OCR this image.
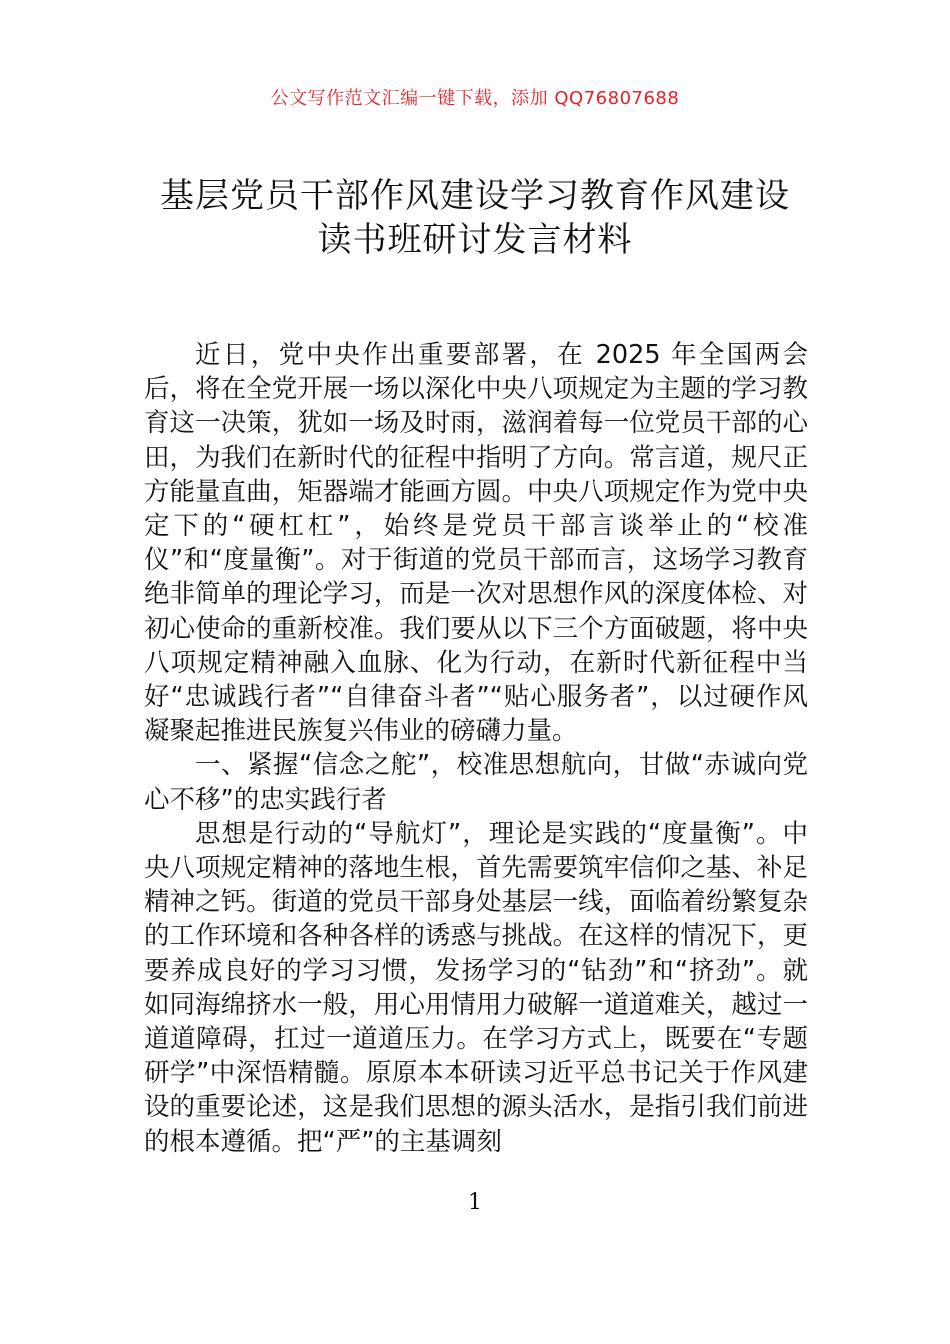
公文写作范文汇编一键下载，添加 QQ76807688
基层党员干部作风建设学习教育作风建设
读书班研讨发言材料

近日，党中央作出重要部署，在 2025 年全国两会后，将在全党开展一场以深化中央八项规定为主题的学习教育这一决策，犹如一场及时雨，滋润着每一位党员干部的心田，为我们在新时代的征程中指明了方向。常言道，规尺正方能量直曲，矩器端才能画方圆。中央八项规定作为党中央定下的“硬杠杠”，始终是党员干部言谈举止的“校准仪”和“度量衡”。对于街道的党员干部而言，这场学习教育绝非简单的理论学习，而是一次对思想作风的深度体检、对初心使命的重新校准。我们要从以下三个方面破题，将中央八项规定精神融入血脉、化为行动，在新时代新征程中当好“忠诚践行者”“自律奋斗者”“贴心服务者”，以过硬作风凝聚起推进民族复兴伟业的磅礴力量。

一、紧握“信念之舵”，校准思想航向，甘做“赤诚向党心不移”的忠实践行者

思想是行动的“导航灯”，理论是实践的“度量衡”。中央八项规定精神的落地生根，首先需要筑牢信仰之基、补足精神之钙。街道的党员干部身处基层一线，面临着纷繁复杂的工作环境和各种各样的诱惑与挑战。在这样的情况下，更要养成良好的学习习惯，发扬学习的“钻劲”和“挤劲”。就如同海绵挤水一般，用心用情用力破解一道道难关，越过一道道障碍，扛过一道道压力。在学习方式上，既要在“专题研学”中深悟精髓。原原本本研读习近平总书记关于作风建设的重要论述，这是我们思想的源头活水，是指引我们前进的根本遵循。把“严”的主基调刻

1
